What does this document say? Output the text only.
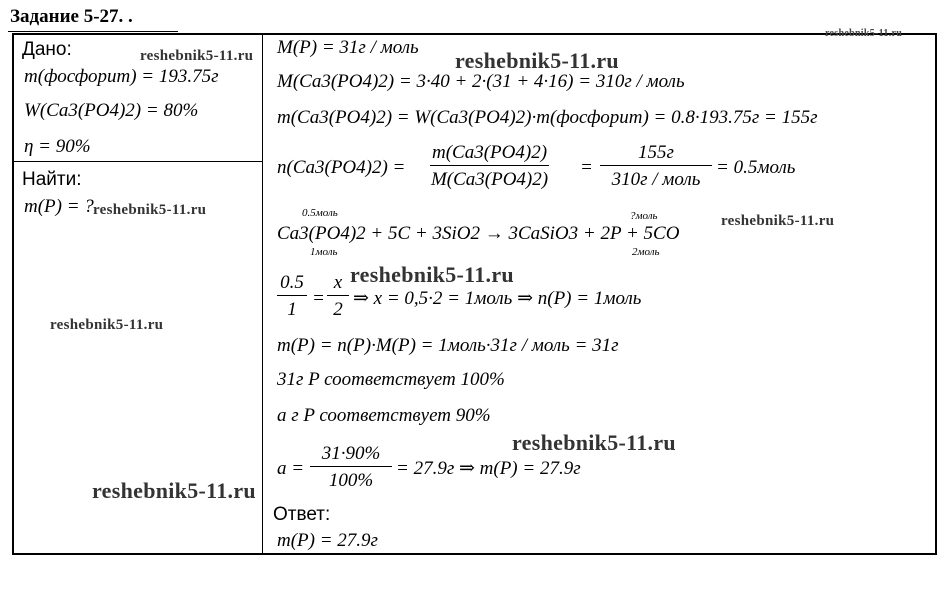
Задание 5-27. .
Дано:
m(фосфорит) = 193.75г
W(Ca3(PO4)2) = 80%
η = 90%
Найти:
m(P) = ?
M(P) = 31г / моль
M(Ca3(PO4)2) = 3·40 + 2·(31 + 4·16) = 310г / моль
m(Ca3(PO4)2) = W(Ca3(PO4)2)·m(фосфорит) = 0.8·193.75г = 155г
$n(Ca3(PO4)2) = \frac{m(Ca3(PO4)2)}{M(Ca3(PO4)2)}$ =
155г
310г / моль
= 0.5моль
0.5моль
Ca3(PO4)2 + 5C + 3SiO2 → 3CaSiO3 + 2P + 5CO
1моль
?моль
2моль
$\frac{0.5}{1} = \frac{x}{2}$ ⇒ x = 0,5·2 = 1моль ⇒ n(P) = 1моль
m(P) = n(P)·M(P) = 1моль·31г / моль = 31г
31г P соответствует 100%
a г P соответствует 90%
$a = \frac{31\cdot 90\%}{100\%} = 27.9г$ ⇒ m(P) = 27.9г
Ответ:
m(P) = 27.9г
reshebnik5-11.ru	reshebnik5-11.ru
reshebnik5-11.ru
reshebnik5-11.ru
reshebnik5-11.ru
reshebnik5-11.ru
reshebnik5-11.ru
reshebnik5-11.ru
reshebnik5-11.ru
